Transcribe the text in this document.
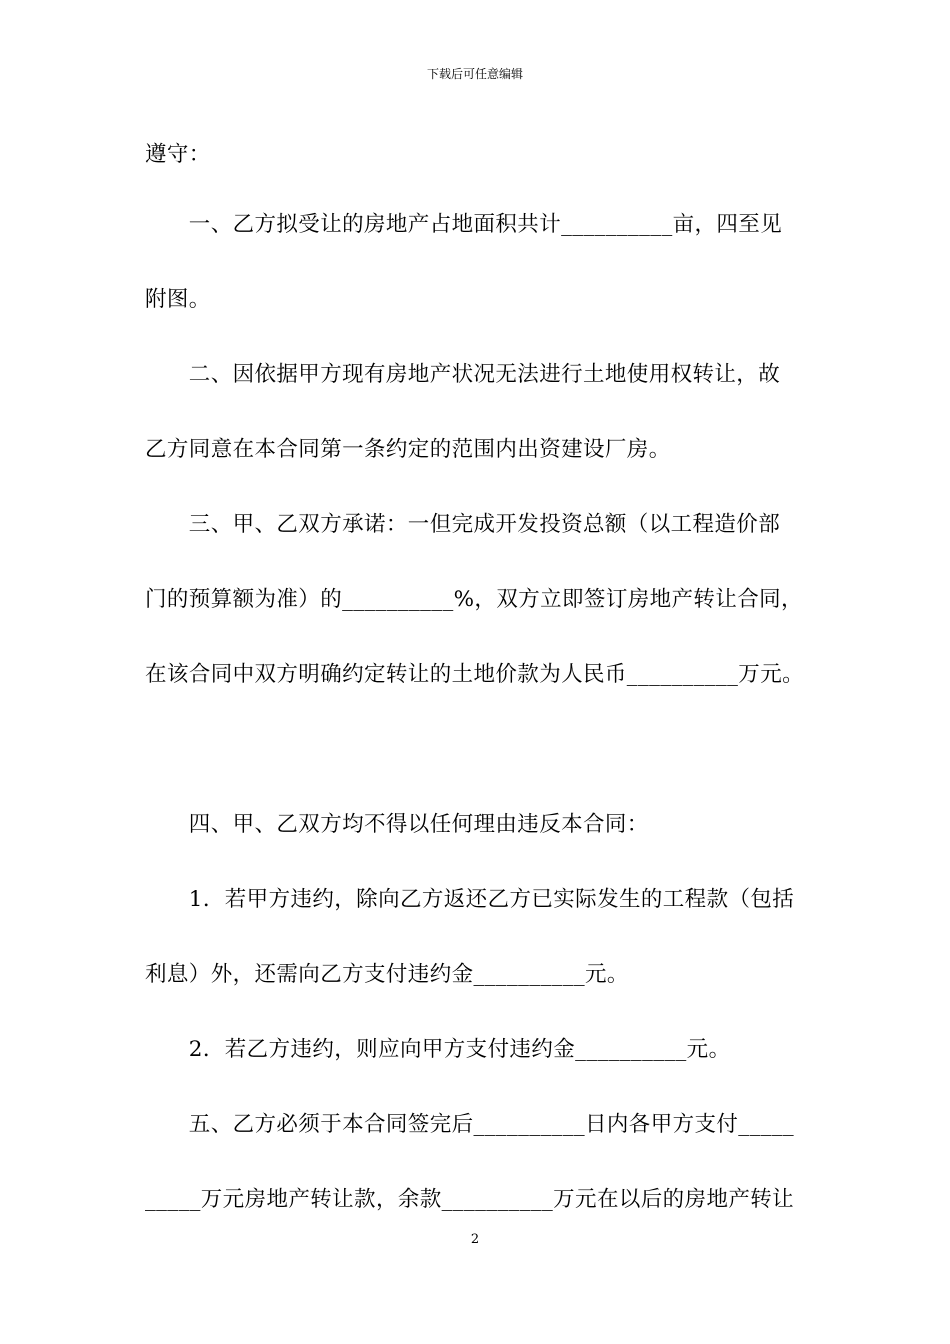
下载后可任意编辑
遵守：
　　一、乙方拟受让的房地产占地面积共计__________亩，四至见
附图。
　　二、因依据甲方现有房地产状况无法进行土地使用权转让，故
乙方同意在本合同第一条约定的范围内出资建设厂房。
　　三、甲、乙双方承诺：一但完成开发投资总额（以工程造价部
门的预算额为准）的__________%，双方立即签订房地产转让合同，
在该合同中双方明确约定转让的土地价款为人民币__________万元。
　　四、甲、乙双方均不得以任何理由违反本合同：
　　1．若甲方违约，除向乙方返还乙方已实际发生的工程款（包括
利息）外，还需向乙方支付违约金__________元。
　　2．若乙方违约，则应向甲方支付违约金__________元。
　　五、乙方必须于本合同签完后__________日内各甲方支付_____
_____万元房地产转让款，余款__________万元在以后的房地产转让
2
